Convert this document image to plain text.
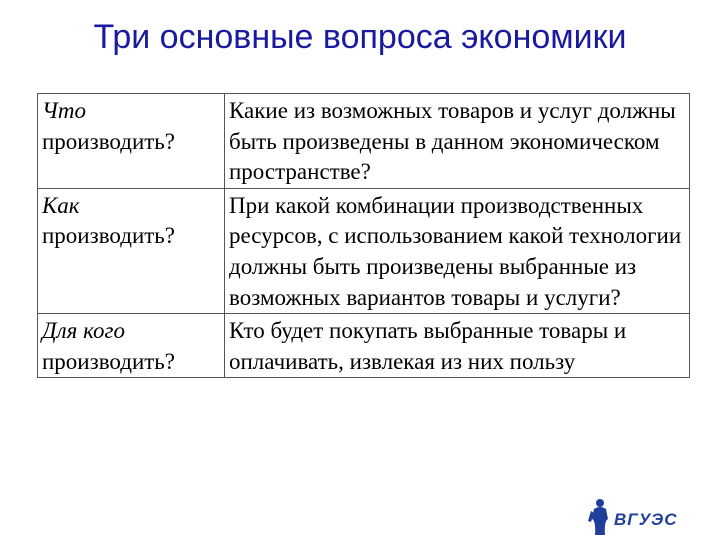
Три основные вопроса экономики
Что
производить?	Какие из возможных товаров и услуг должны быть произведены в данном экономическом пространстве?

Как
производить?	При какой комбинации производственных ресурсов, с использованием какой технологии должны быть произведены выбранные из возможных вариантов товары и услуги?

Для кого
производить?	Кто будет покупать выбранные товары и оплачивать, извлекая из них пользу
ВГУЭС
